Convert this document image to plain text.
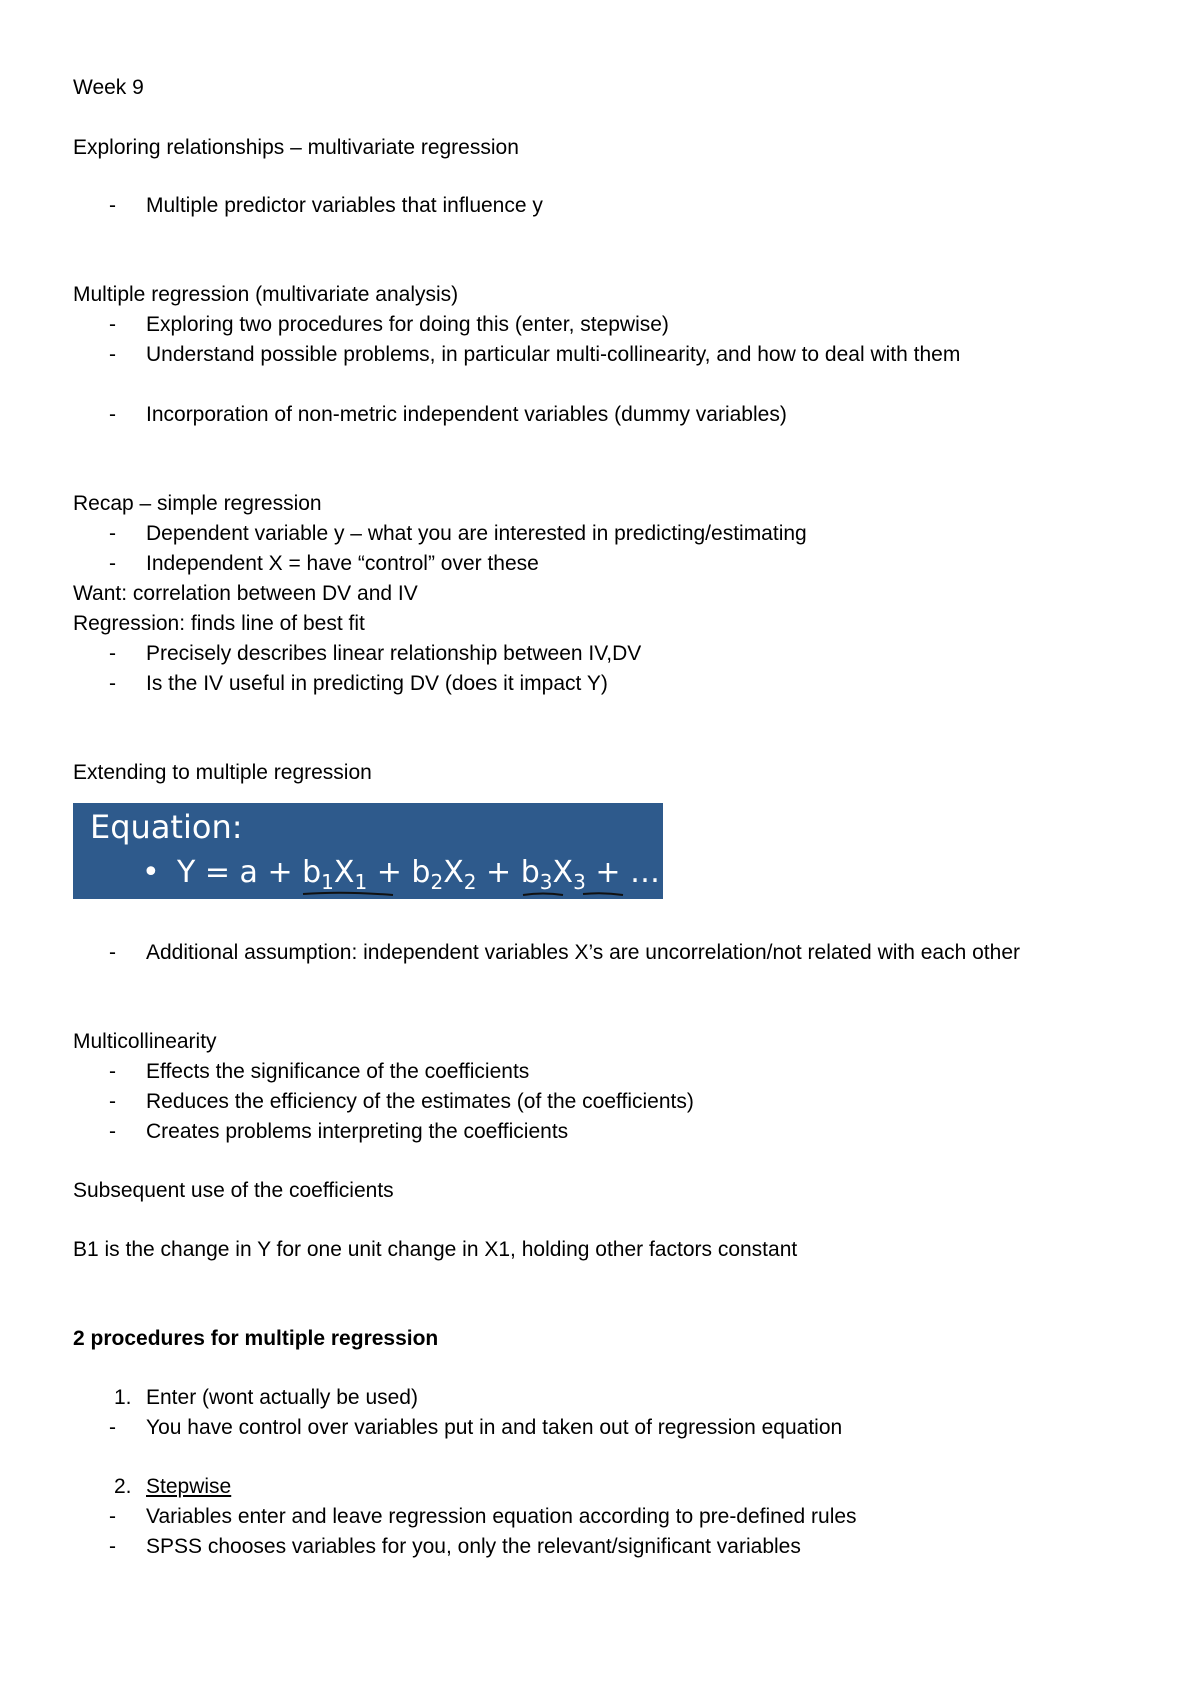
Week 9
Exploring relationships – multivariate regression
- Multiple predictor variables that influence y
Multiple regression (multivariate analysis)
- Exploring two procedures for doing this (enter, stepwise)
- Understand possible problems, in particular multi-collinearity, and how to deal with them
- Incorporation of non-metric independent variables (dummy variables)
Recap – simple regression
- Dependent variable y – what you are interested in predicting/estimating
- Independent X = have “control” over these
Want: correlation between DV and IV
Regression: finds line of best fit
- Precisely describes linear relationship between IV,DV
- Is the IV useful in predicting DV (does it impact Y)
Extending to multiple regression
Equation:
• $Y = a + b_1X_1 + b_2X_2 + b_3X_3$ + ……
- Additional assumption: independent variables X’s are uncorrelation/not related with each other
Multicollinearity
- Effects the significance of the coefficients
- Reduces the efficiency of the estimates (of the coefficients)
- Creates problems interpreting the coefficients
Subsequent use of the coefficients
B1 is the change in Y for one unit change in X1, holding other factors constant
2 procedures for multiple regression
1. Enter (wont actually be used)
- You have control over variables put in and taken out of regression equation
2. Stepwise
- Variables enter and leave regression equation according to pre-defined rules
- SPSS chooses variables for you, only the relevant/significant variables
